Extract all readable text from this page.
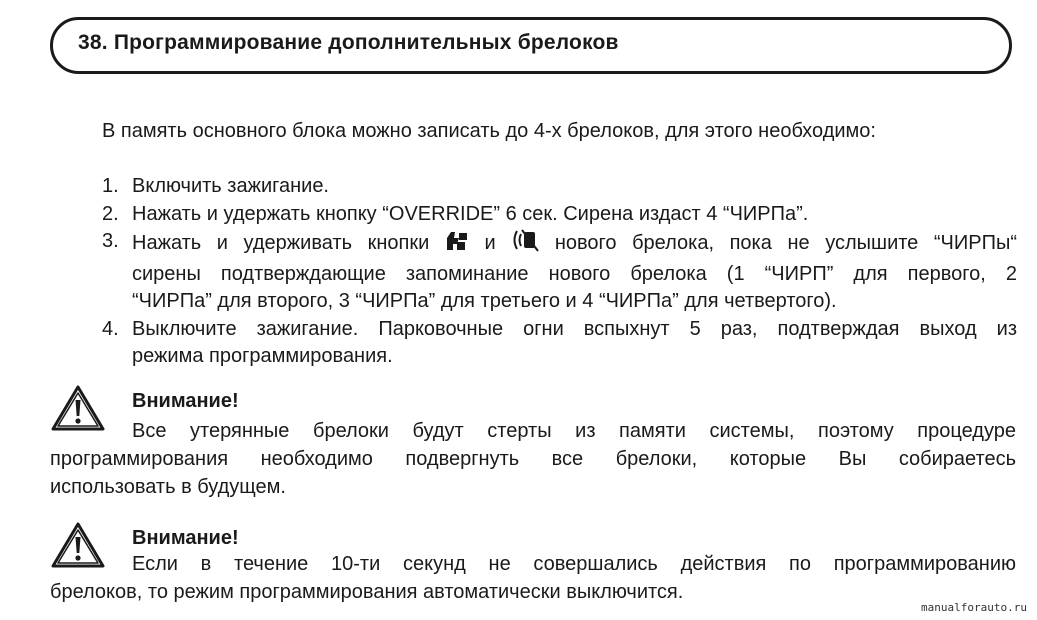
38. Программирование дополнительных брелоков
В память основного блока можно записать до 4-х брелоков, для этого необходимо:
1. Включить зажигание.
2. Нажать и удержать кнопку “OVERRIDE” 6 сек. Сирена издаст 4 “ЧИРПа”.
3. Нажать и удерживать кнопки	и	нового брелока, пока не услышите “ЧИРПы“
сирены подтверждающие запоминание нового брелока (1 “ЧИРП” для первого, 2
“ЧИРПа” для второго, 3 “ЧИРПа” для третьего и 4 “ЧИРПа” для четвертого).
4. Выключите зажигание. Парковочные огни вспыхнут 5 раз, подтверждая выход из
режима программирования.
Внимание!
Все утерянные брелоки будут стерты из памяти системы, поэтому процедуре
программирования необходимо подвергнуть все брелоки, которые Вы собираетесь
использовать в будущем.
Внимание!
Если в течение 10-ти секунд не совершались действия по программированию
брелоков, то режим программирования автоматически выключится.
manualforauto.ru
